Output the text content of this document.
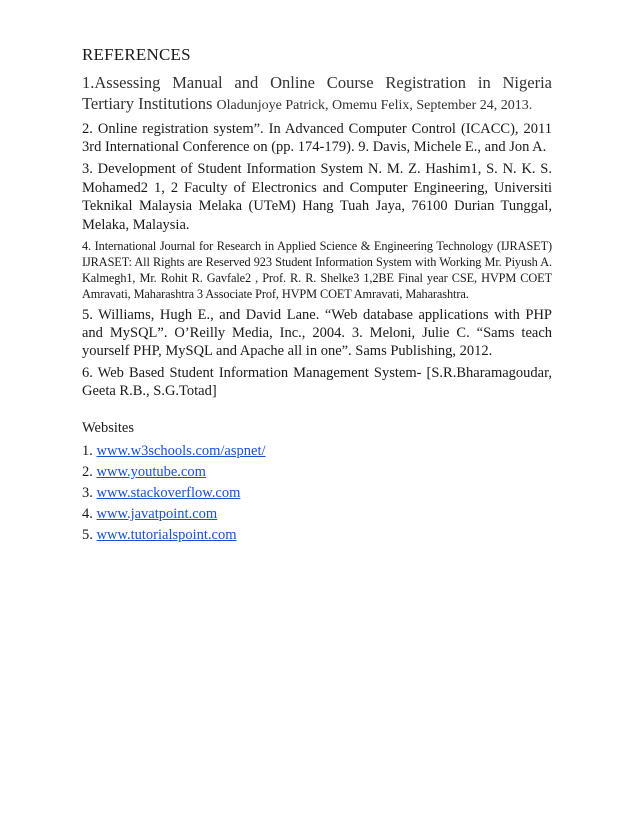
REFERENCES
1.Assessing Manual and Online Course Registration in Nigeria Tertiary Institutions Oladunjoye Patrick, Omemu Felix, September 24, 2013.
2. Online registration system”. In Advanced Computer Control (ICACC), 2011 3rd International Conference on (pp. 174-179). 9. Davis, Michele E., and Jon A.
3. Development of Student Information System N. M. Z. Hashim1, S. N. K. S. Mohamed2 1, 2 Faculty of Electronics and Computer Engineering, Universiti Teknikal Malaysia Melaka (UTeM) Hang Tuah Jaya, 76100 Durian Tunggal, Melaka, Malaysia.
4. International Journal for Research in Applied Science & Engineering Technology (IJRASET) IJRASET: All Rights are Reserved 923 Student Information System with Working Mr. Piyush A. Kalmegh1, Mr. Rohit R. Gavfale2 , Prof. R. R. Shelke3 1,2BE Final year CSE, HVPM COET Amravati, Maharashtra 3 Associate Prof, HVPM COET Amravati, Maharashtra.
5. Williams, Hugh E., and David Lane. “Web database applications with PHP and MySQL”. O’Reilly Media, Inc., 2004. 3. Meloni, Julie C. “Sams teach yourself PHP, MySQL and Apache all in one”. Sams Publishing, 2012.
6. Web Based Student Information Management System- [S.R.Bharamagoudar, Geeta R.B., S.G.Totad]
Websites
1. www.w3schools.com/aspnet/
2. www.youtube.com
3. www.stackoverflow.com
4. www.javatpoint.com
5. www.tutorialspoint.com
